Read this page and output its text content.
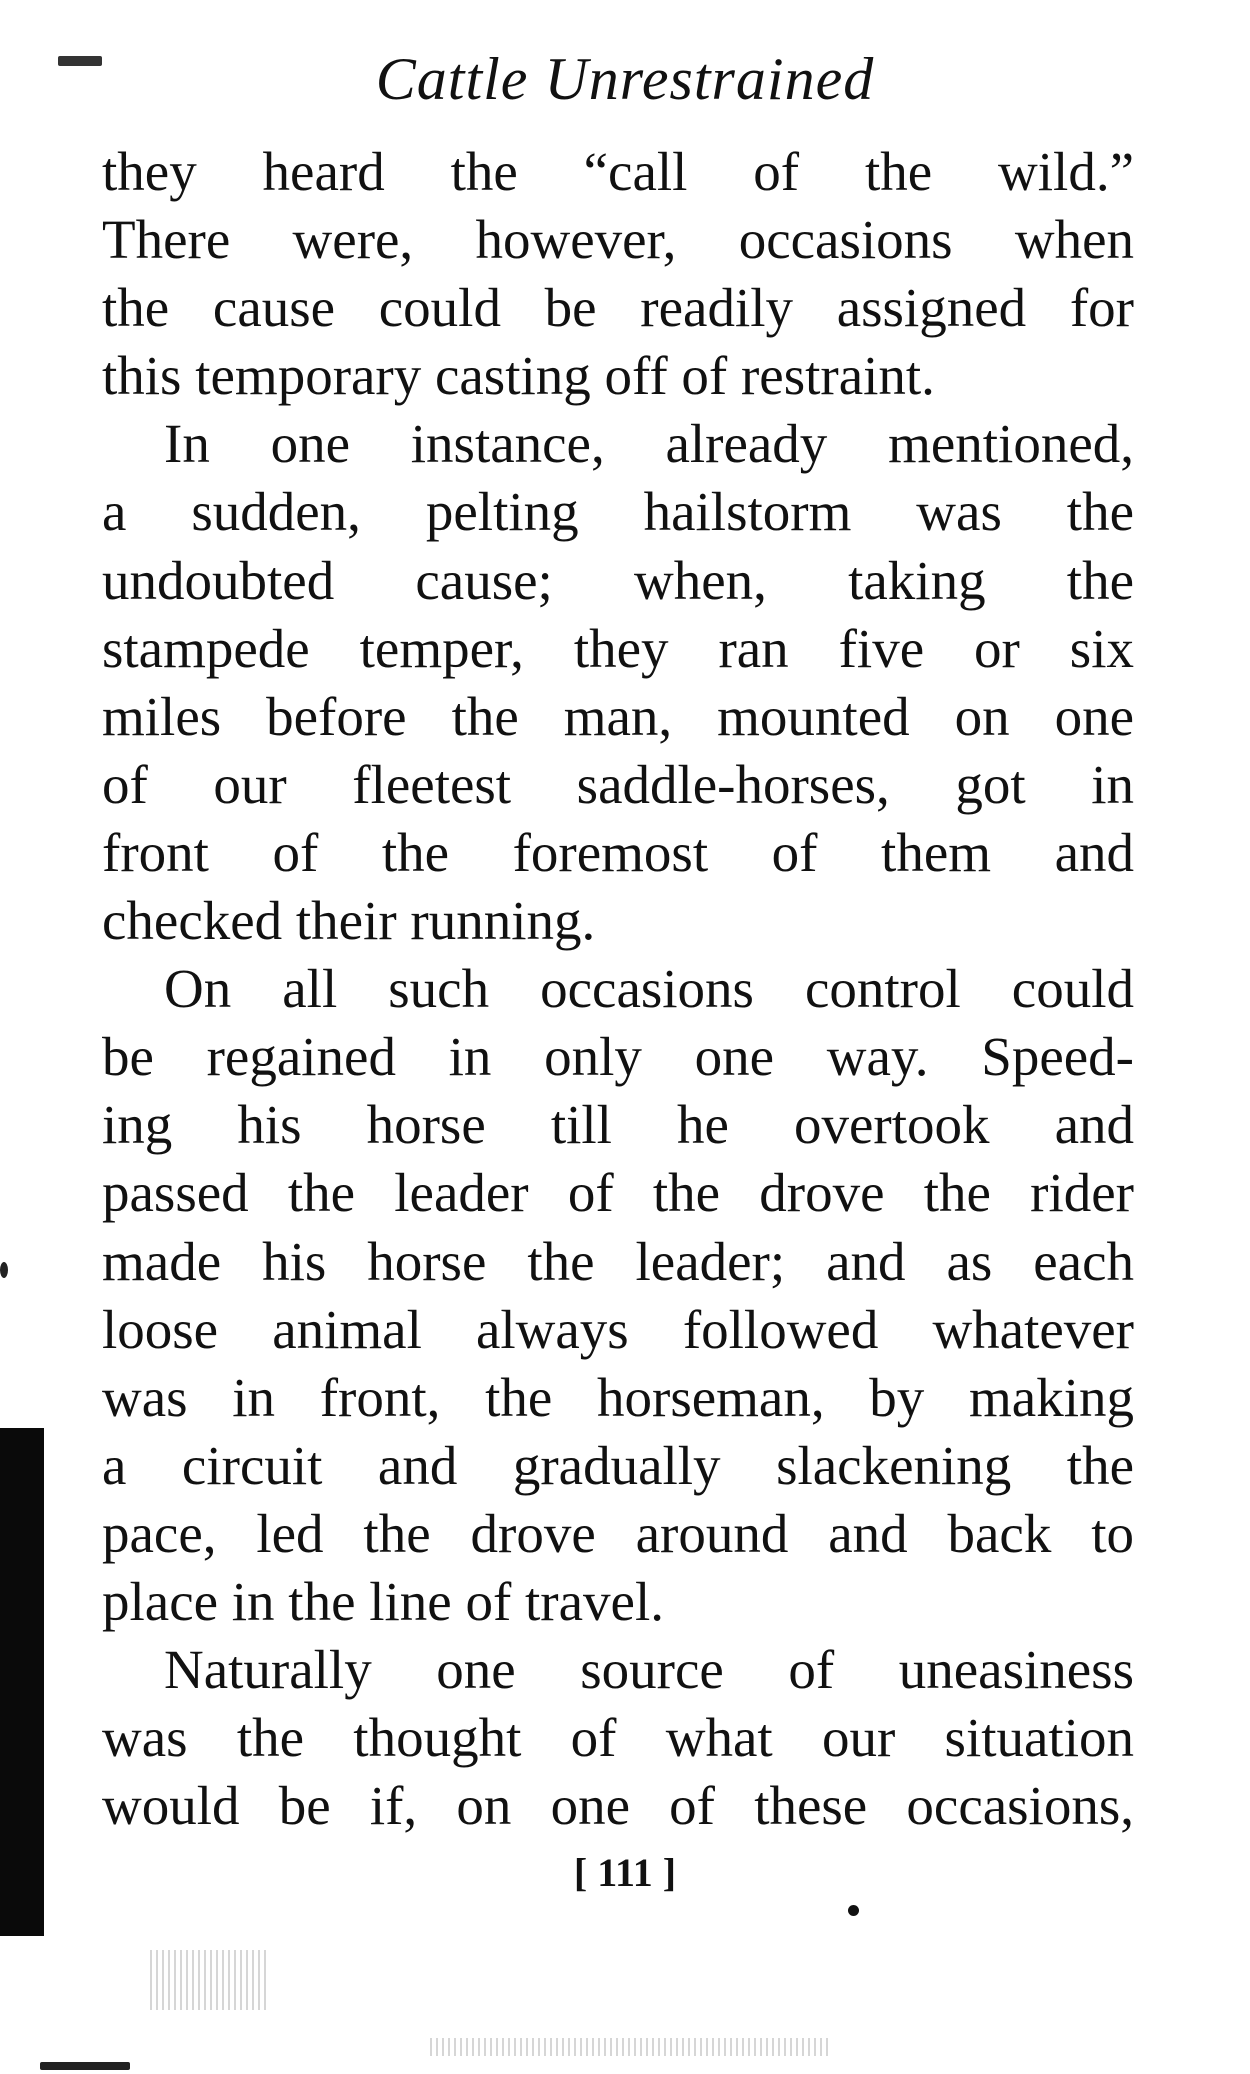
Cattle Unrestrained
they heard the “call of the wild.”
There were, however, occasions when
the cause could be readily assigned for
this temporary casting off of restraint.
In one instance, already mentioned,
a sudden, pelting hailstorm was the
undoubted cause; when, taking the
stampede temper, they ran five or six
miles before the man, mounted on one
of our fleetest saddle-horses, got in
front of the foremost of them and
checked their running.
On all such occasions control could
be regained in only one way. Speed-
ing his horse till he overtook and
passed the leader of the drove the rider
made his horse the leader; and as each
loose animal always followed whatever
was in front, the horseman, by making
a circuit and gradually slackening the
pace, led the drove around and back to
place in the line of travel.
Naturally one source of uneasiness
was the thought of what our situation
would be if, on one of these occasions,
[ 111 ]
